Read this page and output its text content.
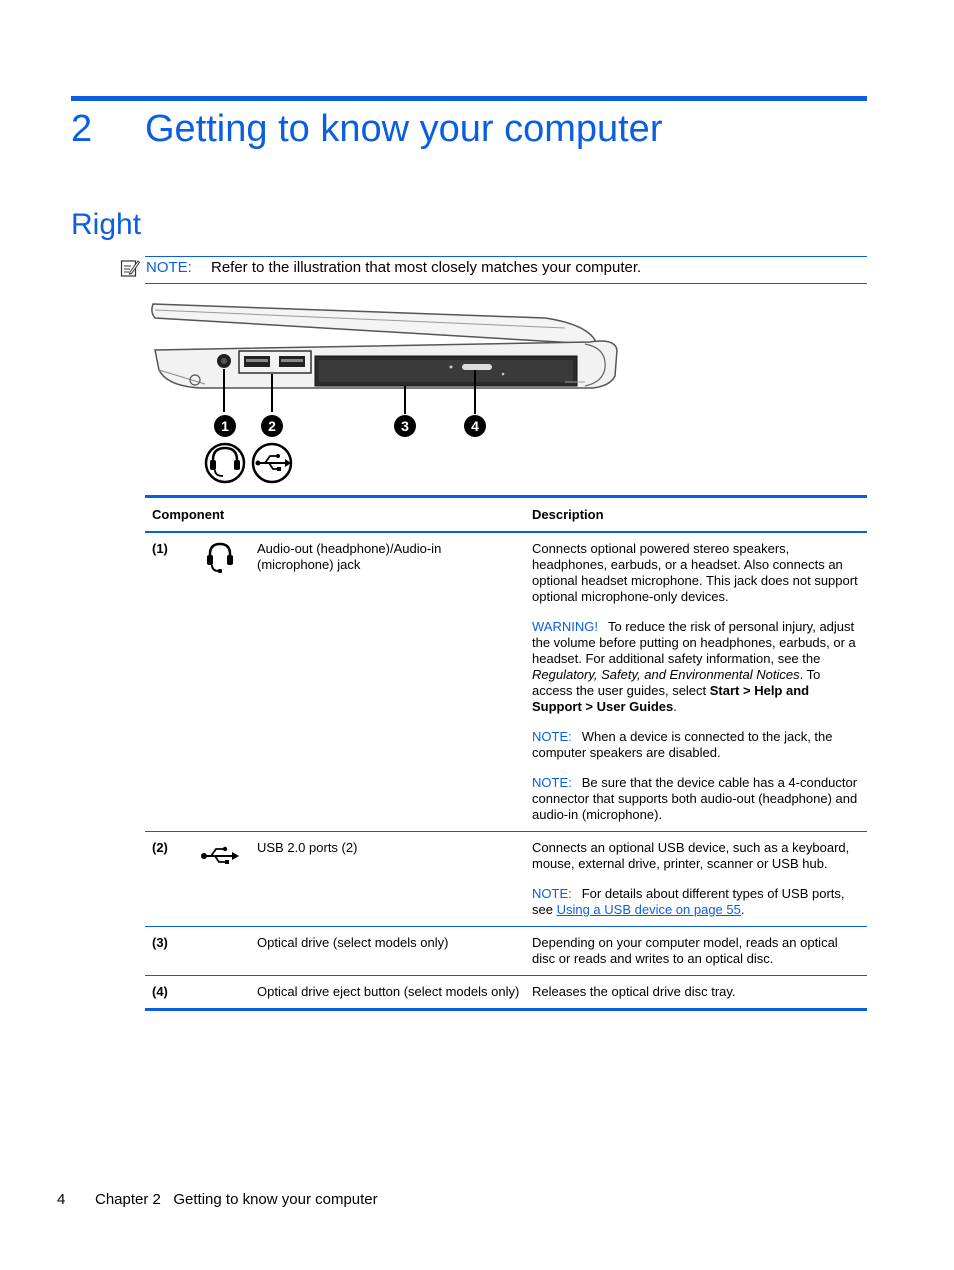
2 Getting to know your computer
Right
NOTE: Refer to the illustration that most closely matches your computer.
1	2	3	4
Component			Description
(1)		Audio-out (headphone)/Audio-in (microphone) jack	Connects optional powered stereo speakers, headphones, earbuds, or a headset. Also connects an optional headset microphone. This jack does not support optional microphone-only devices.

WARNING! To reduce the risk of personal injury, adjust the volume before putting on headphones, earbuds, or a headset. For additional safety information, see the Regulatory, Safety, and Environmental Notices. To access the user guides, select Start > Help and Support > User Guides.

NOTE: When a device is connected to the jack, the computer speakers are disabled.

NOTE: Be sure that the device cable has a 4-conductor connector that supports both audio-out (headphone) and audio-in (microphone).

(2)		USB 2.0 ports (2)	Connects an optional USB device, such as a keyboard, mouse, external drive, printer, scanner or USB hub.

NOTE: For details about different types of USB ports, see Using a USB device on page 55.

(3)		Optical drive (select models only)	Depending on your computer model, reads an optical disc or reads and writes to an optical disc.
(4)		Optical drive eject button (select models only)	Releases the optical drive disc tray.
4 Chapter 2   Getting to know your computer
